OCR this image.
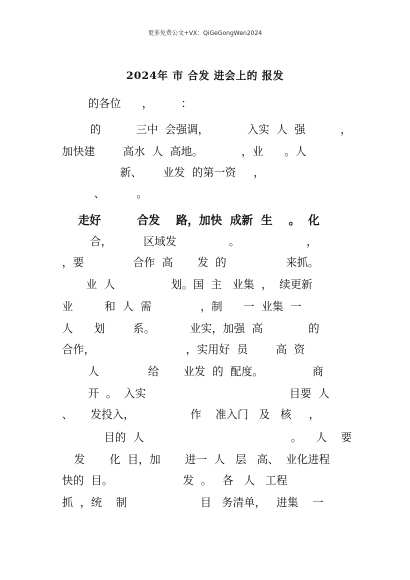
更多免费公文+VX：QiGeGongWen2024
2024年 市 合发 进会上的 报发
的各位      ，        ：
的          三中  会强调，           入实  人  强          ，
加快建        高水  人  高地。           ，业      。人
新、      业发  的第一资     ，
、         。
走好         合发    路，加快  成新  生    。  化
合，         区域发               。                   ，
，要              合作  高       发  的                 来抓。
业  人                划。国  主   业集  ，  续更新
业         和  人  需              ，制      一  业集  一
人      划        系。          业实，加强  高             的
合作，                          ，实用好  员        高  资
人              给       业发  的  配度。              商
开  。  入实                                         目要  人
、     发投入，                作    准入门   及   核     ，
目的  人                                          。    人    要
发       化  目，加       进一  人   层   高、  业化进程
快的  目。                    发  。   各   人   工程
抓  ，统    制                     目   务清单，   进集    一
